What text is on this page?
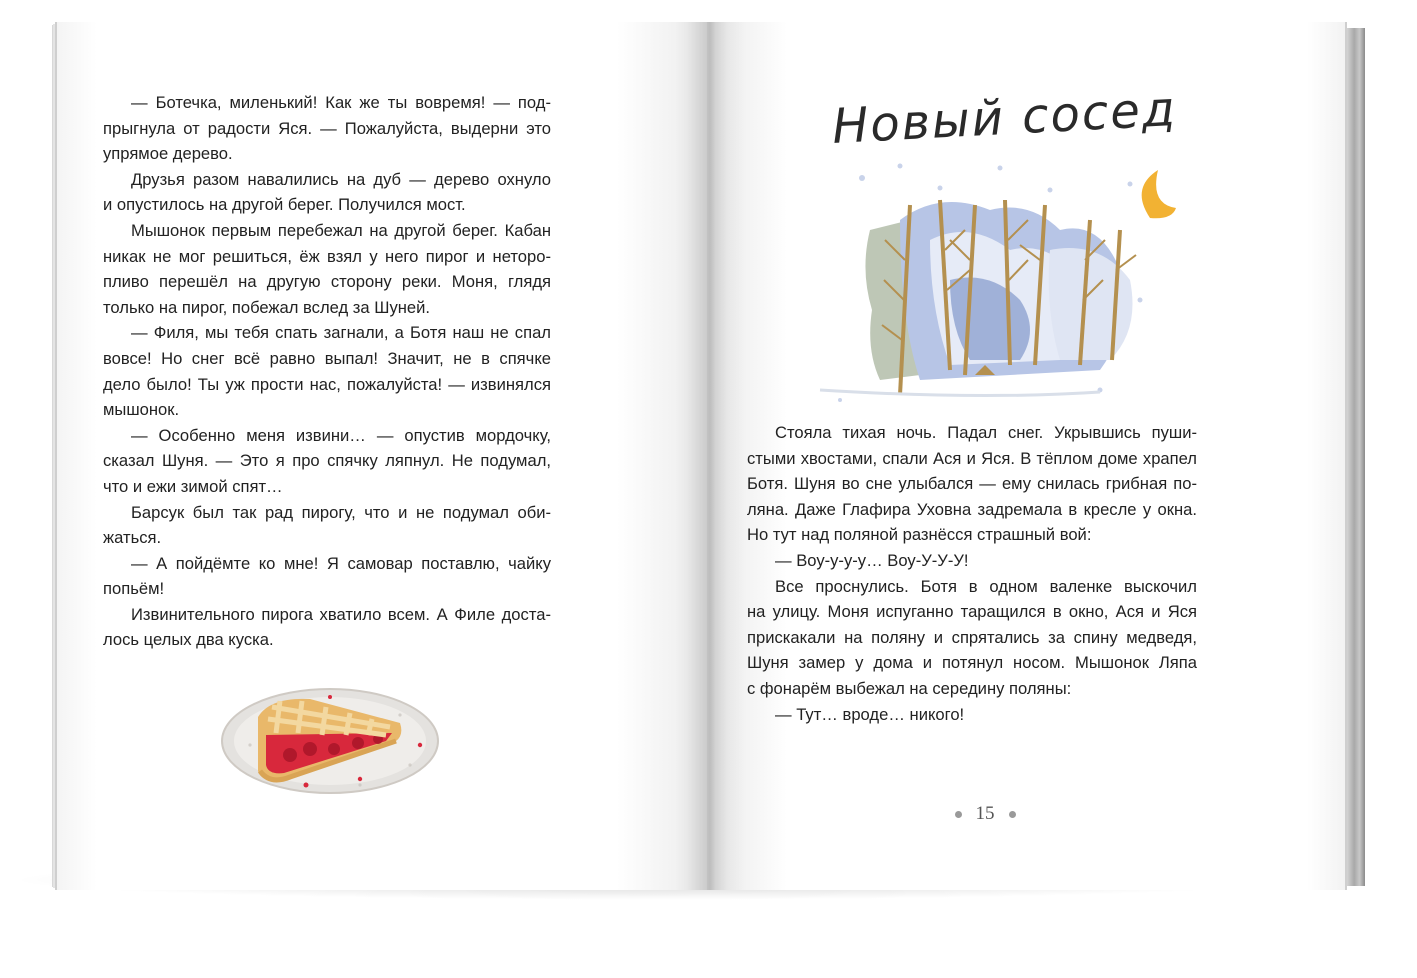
— Ботечка, миленький! Как же ты вовремя! — под-
прыгнула от радости Яся. — Пожалуйста, выдерни это
упрямое дерево.
Друзья разом навалились на дуб — дерево охнуло
и опустилось на другой берег. Получился мост.
Мышонок первым перебежал на другой берег. Кабан
никак не мог решиться, ёж взял у него пирог и неторо-
пливо перешёл на другую сторону реки. Моня, глядя
только на пирог, побежал вслед за Шуней.
— Филя, мы тебя спать загнали, а Ботя наш не спал
вовсе! Но снег всё равно выпал! Значит, не в спячке
дело было! Ты уж прости нас, пожалуйста! — извинялся
мышонок.
— Особенно меня извини… — опустив мордочку,
сказал Шуня. — Это я про спячку ляпнул. Не подумал,
что и ежи зимой спят…
Барсук был так рад пирогу, что и не подумал оби-
жаться.
— А пойдёмте ко мне! Я самовар поставлю, чайку
попьём!
Извинительного пирога хватило всем. А Филе доста-
лось целых два куска.
Новый сосед
Стояла тихая ночь. Падал снег. Укрывшись пуши-
стыми хвостами, спали Ася и Яся. В тёплом доме храпел
Ботя. Шуня во сне улыбался — ему снилась грибная по-
ляна. Даже Глафира Уховна задремала в кресле у окна.
Но тут над поляной разнёсся страшный вой:
— Воу-у-у-у… Воу-У-У-У!
Все проснулись. Ботя в одном валенке выскочил
на улицу. Моня испуганно таращился в окно, Ася и Яся
прискакали на поляну и спрятались за спину медведя,
Шуня замер у дома и потянул носом. Мышонок Ляпа
с фонарём выбежал на середину поляны:
— Тут… вроде… никого!
15
